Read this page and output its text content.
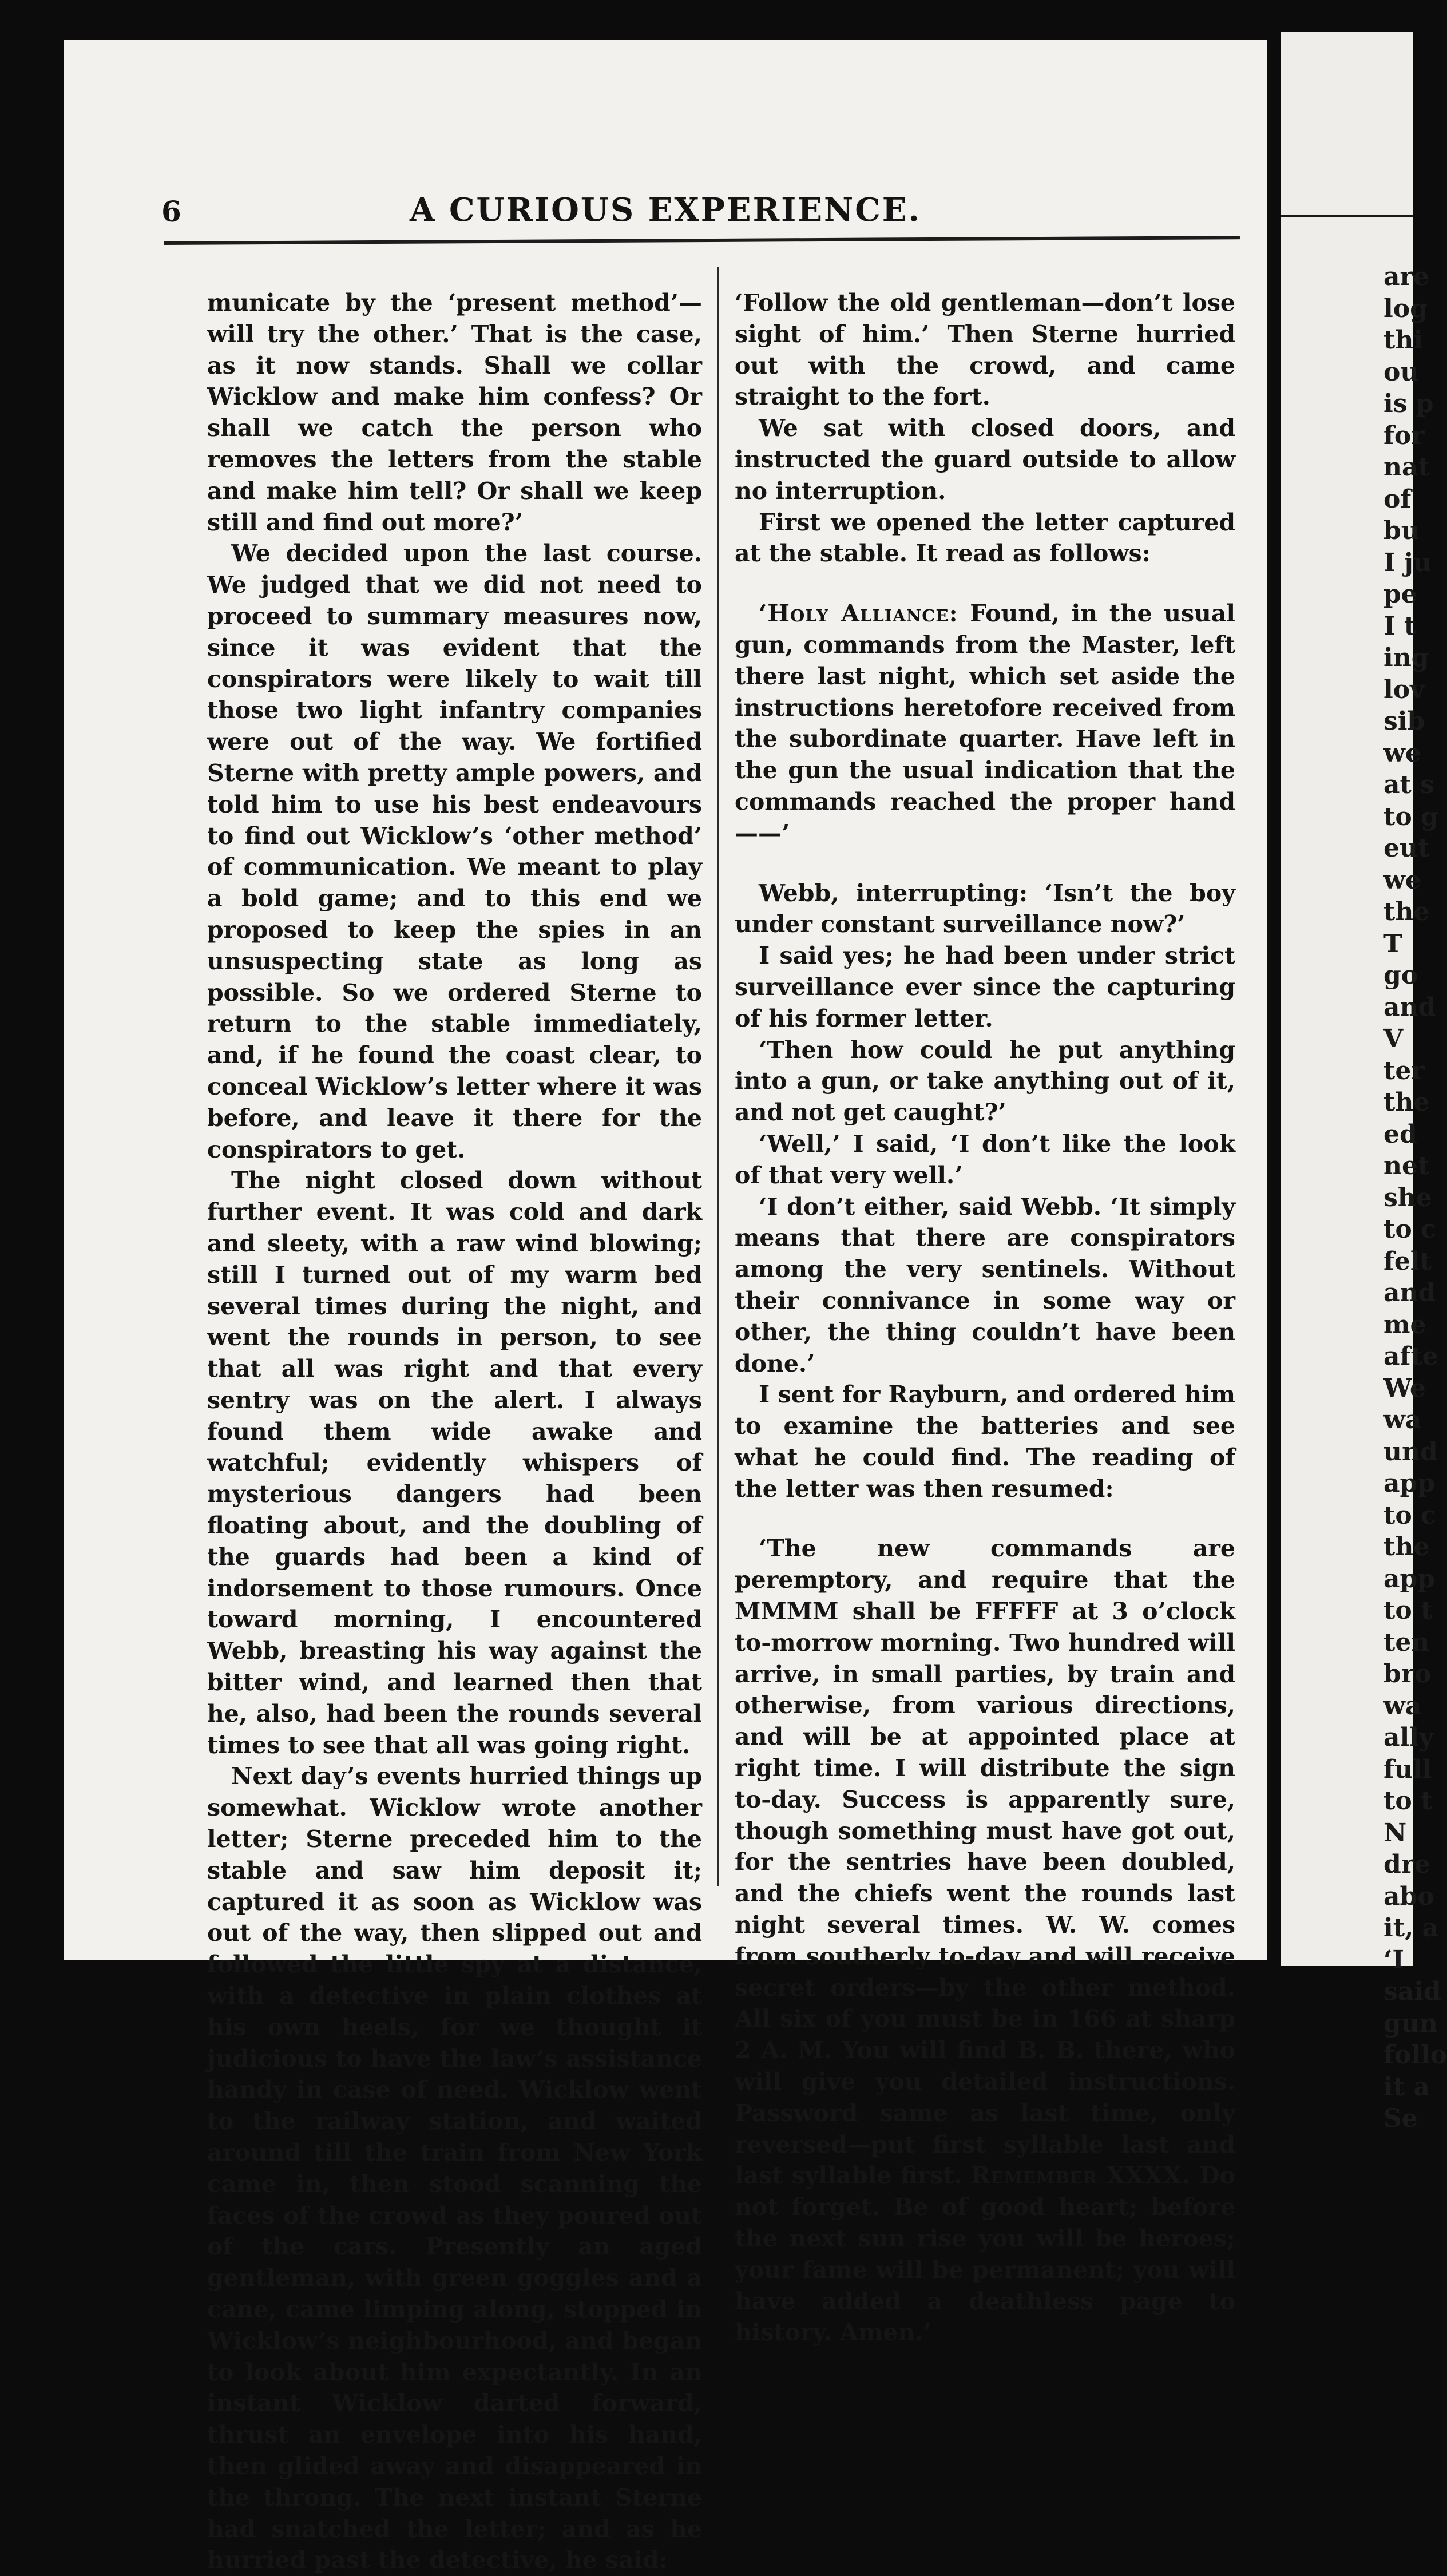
6	A CURIOUS EXPERIENCE.

municate by the ‘present method’—will try the other.’ That is the case, as it now stands. Shall we collar Wicklow and make him confess? Or shall we catch the person who removes the letters from the stable and make him tell? Or shall we keep still and find out more?’

We decided upon the last course. We judged that we did not need to proceed to summary measures now, since it was evident that the conspirators were likely to wait till those two light infantry companies were out of the way. We fortified Sterne with pretty ample powers, and told him to use his best endeavours to find out Wicklow’s ‘other method’ of communication. We meant to play a bold game; and to this end we proposed to keep the spies in an unsuspecting state as long as possible. So we ordered Sterne to return to the stable immediately, and, if he found the coast clear, to conceal Wicklow’s letter where it was before, and leave it there for the conspirators to get.

The night closed down without further event. It was cold and dark and sleety, with a raw wind blowing; still I turned out of my warm bed several times during the night, and went the rounds in person, to see that all was right and that every sentry was on the alert. I always found them wide awake and watchful; evidently whispers of mysterious dangers had been floating about, and the doubling of the guards had been a kind of indorsement to those rumours. Once toward morning, I encountered Webb, breasting his way against the bitter wind, and learned then that he, also, had been the rounds several times to see that all was going right.

Next day’s events hurried things up somewhat. Wicklow wrote another letter; Sterne preceded him to the stable and saw him deposit it; captured it as soon as Wicklow was out of the way, then slipped out and followed the little spy at a distance, with a detective in plain clothes at his own heels, for we thought it judicious to have the law’s assistance handy in case of need. Wicklow went to the railway station, and waited around till the train from New York came in, then stood scanning the faces of the crowd as they poured out of the cars. Presently an aged gentleman, with green goggles and a cane, came limping along, stopped in Wicklow’s neighbourhood, and began to look about him expectantly. In an instant Wicklow darted forward, thrust an envelope into his hand, then glided away and disappeared in the throng. The next instant Sterne had snatched the letter; and as he hurried past the detective, he said:

‘Follow the old gentleman—don’t lose sight of him.’ Then Sterne hurried out with the crowd, and came straight to the fort.

We sat with closed doors, and instructed the guard outside to allow no interruption.

First we opened the letter captured at the stable. It read as follows:

‘Holy Alliance: Found, in the usual gun, commands from the Master, left there last night, which set aside the instructions heretofore received from the subordinate quarter. Have left in the gun the usual indication that the commands reached the proper hand——’

Webb, interrupting: ‘Isn’t the boy under constant surveillance now?’

I said yes; he had been under strict surveillance ever since the capturing of his former letter.

‘Then how could he put anything into a gun, or take anything out of it, and not get caught?’

‘Well,’ I said, ‘I don’t like the look of that very well.’

‘I don’t either, said Webb. ‘It simply means that there are conspirators among the very sentinels. Without their connivance in some way or other, the thing couldn’t have been done.’

I sent for Rayburn, and ordered him to examine the batteries and see what he could find. The reading of the letter was then resumed:

‘The new commands are peremptory, and require that the MMMM shall be FFFFF at 3 o’clock to-morrow morning. Two hundred will arrive, in small parties, by train and otherwise, from various directions, and will be at appointed place at right time. I will distribute the sign to-day. Success is apparently sure, though something must have got out, for the sentries have been doubled, and the chiefs went the rounds last night several times. W. W. comes from southerly to-day and will receive secret orders—by the other method. All six of you must be in 166 at sharp 2 A. M. You will find B. B. there, who will give you detailed instructions. Password same as last time, only reversed—put first syllable last and last syllable first. Remember XXXX. Do not forget. Be of good heart; before the next sun rise you will be heroes; your fame will be permanent; you will have added a deathless page to history. Amen.’

are
log
thi
ou
is p
for
nat
of
bu
I ju
pe
I t
ing
lov
sib
we
at s
to g
eut
we
the
T
go
and
V
ter
the
ed
net
she
to c
felt
and
me
afte
We
wa
und
app
to c
the
app
to t
ten
bro
wa
ally
full
to t
N
dre
abo
it, a
‘I
said
gun
follo
it a
Se
